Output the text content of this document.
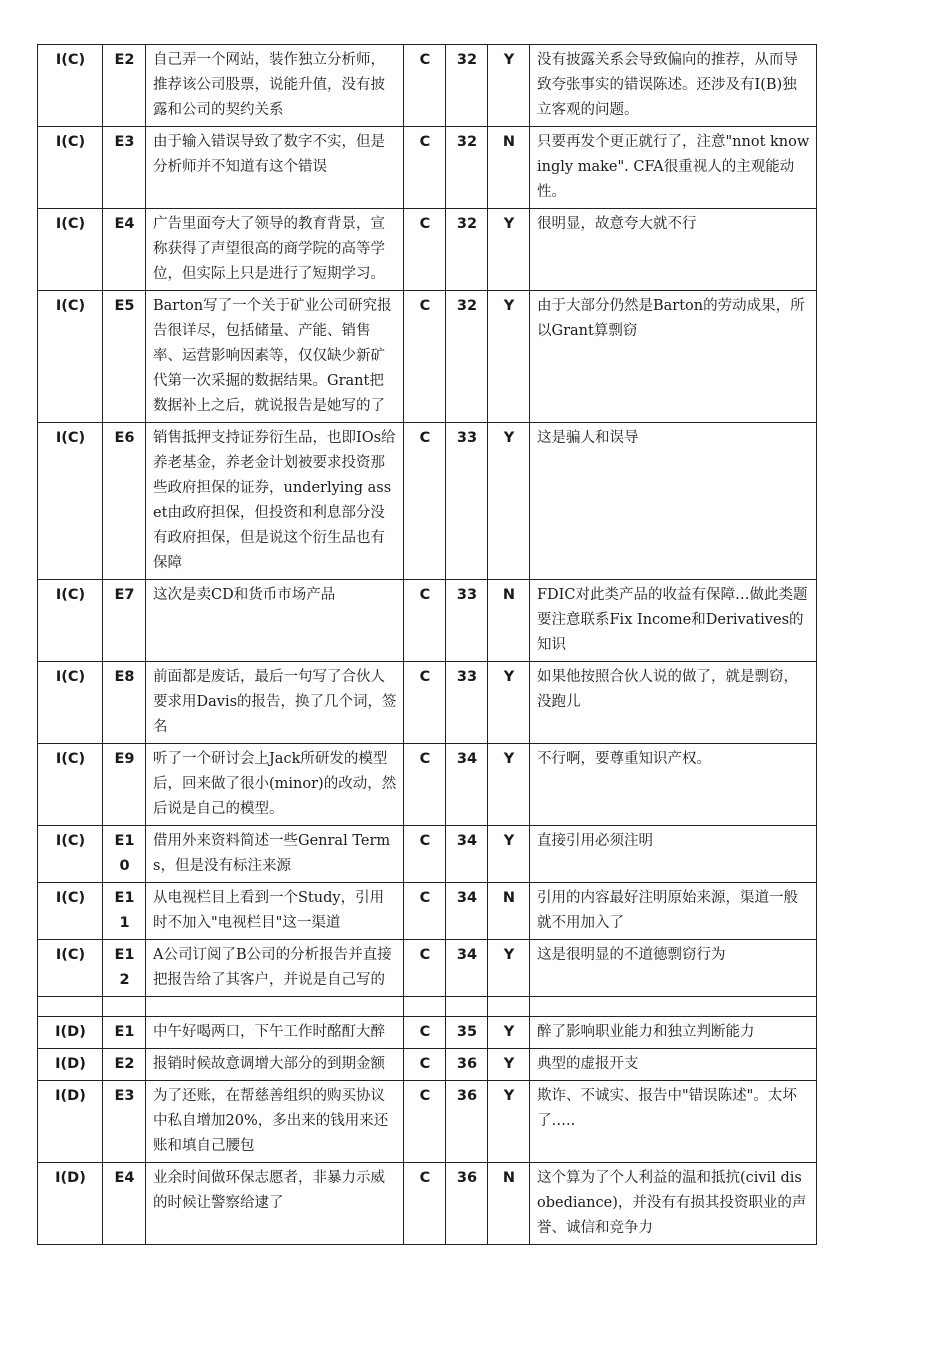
I(C)	E2	自己弄一个网站，装作独立分析师，推荐该公司股票，说能升值，没有披露和公司的契约关系	C	32	Y	没有披露关系会导致偏向的推荐，从而导致夸张事实的错误陈述。还涉及有I(B)独立客观的问题。
I(C)	E3	由于输入错误导致了数字不实，但是分析师并不知道有这个错误	C	32	N	只要再发个更正就行了，注意"nnot knowingly make". CFA很重视人的主观能动性。
I(C)	E4	广告里面夸大了领导的教育背景，宣称获得了声望很高的商学院的高等学位，但实际上只是进行了短期学习。	C	32	Y	很明显，故意夸大就不行
I(C)	E5	Barton写了一个关于矿业公司研究报告很详尽，包括储量、产能、销售率、运营影响因素等，仅仅缺少新矿代第一次采掘的数据结果。Grant把数据补上之后，就说报告是她写的了	C	32	Y	由于大部分仍然是Barton的劳动成果，所以Grant算剽窃
I(C)	E6	销售抵押支持证券衍生品，也即IOs给养老基金，养老金计划被要求投资那些政府担保的证券，underlying asset由政府担保，但投资和利息部分没有政府担保，但是说这个衍生品也有保障	C	33	Y	这是骗人和误导
I(C)	E7	这次是卖CD和货币市场产品	C	33	N	FDIC对此类产品的收益有保障…做此类题要注意联系Fix Income和Derivatives的知识
I(C)	E8	前面都是废话，最后一句写了合伙人要求用Davis的报告，换了几个词，签名	C	33	Y	如果他按照合伙人说的做了，就是剽窃，没跑儿
I(C)	E9	听了一个研讨会上Jack所研发的模型后，回来做了很小(minor)的改动，然后说是自己的模型。	C	34	Y	不行啊，要尊重知识产权。
I(C)	E10	借用外来资料简述一些Genral Terms，但是没有标注来源	C	34	Y	直接引用必须注明
I(C)	E11	从电视栏目上看到一个Study，引用时不加入"电视栏目"这一渠道	C	34	N	引用的内容最好注明原始来源，渠道一般就不用加入了
I(C)	E12	A公司订阅了B公司的分析报告并直接把报告给了其客户，并说是自己写的	C	34	Y	这是很明显的不道德剽窃行为

I(D)	E1	中午好喝两口，下午工作时酩酊大醉	C	35	Y	醉了影响职业能力和独立判断能力
I(D)	E2	报销时候故意调增大部分的到期金额	C	36	Y	典型的虚报开支
I(D)	E3	为了还账，在帮慈善组织的购买协议中私自增加20%，多出来的钱用来还账和填自己腰包	C	36	Y	欺诈、不诚实、报告中"错误陈述"。太坏了…..
I(D)	E4	业余时间做环保志愿者，非暴力示威的时候让警察给逮了	C	36	N	这个算为了个人利益的温和抵抗(civil disobediance)，并没有有损其投资职业的声誉、诚信和竞争力
